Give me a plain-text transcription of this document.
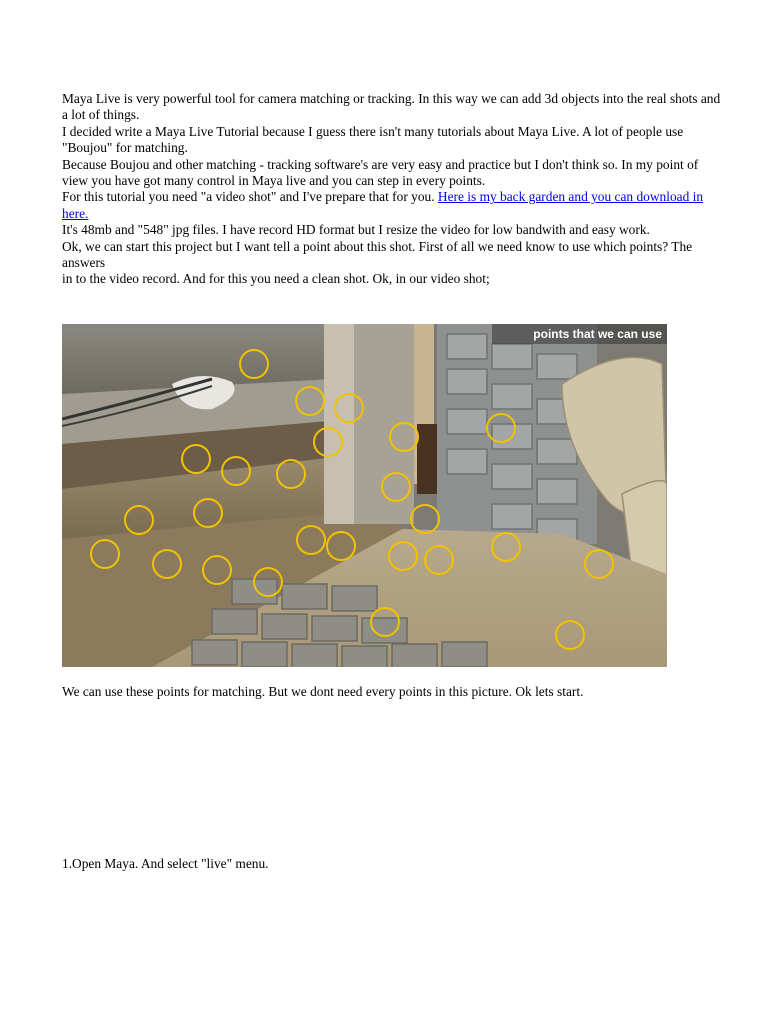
Maya Live is very powerful tool for camera matching or tracking. In this way we can add 3d objects into the real shots and a lot of things.

I decided write a Maya Live Tutorial because I guess there isn't many tutorials about Maya Live. A lot of people use "Boujou" for matching.

Because Boujou and other matching - tracking software's are very easy and practice but I don't think so. In my point of view you have got many control in Maya live and you can step in every points.

For this tutorial you need "a video shot" and I've prepare that for you. Here is my back garden and you can download in here.

It's 48mb and "548" jpg files. I have record HD format but I resize the video for low bandwith and easy work.

Ok, we can start this project but I want tell a point about this shot. First of all we need know to use which points? The answers

in to the video record. And for this you need a clean shot. Ok, in our video shot;

points that we can use
We can use these points for matching. But we dont need every points in this picture. Ok lets start.
1.Open Maya. And select "live" menu.
